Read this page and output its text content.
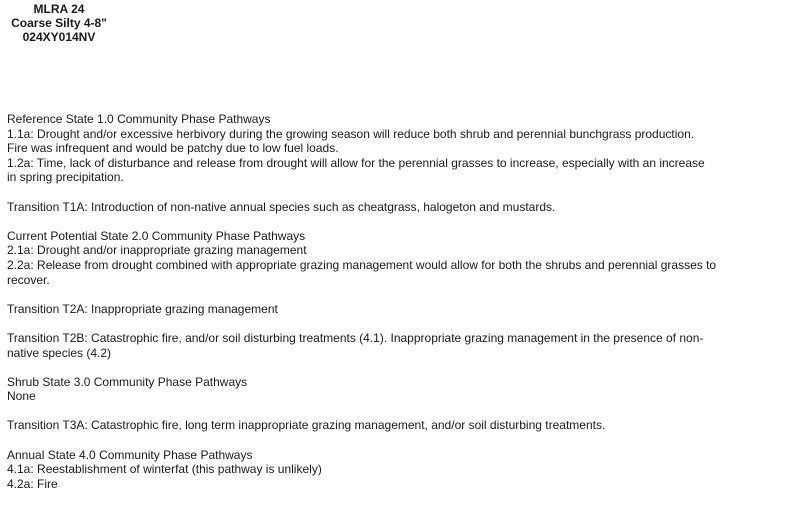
MLRA 24
Coarse Silty 4-8"
024XY014NV
Reference State 1.0 Community Phase Pathways
1.1a: Drought and/or excessive herbivory during the growing season will reduce both shrub and perennial bunchgrass production.
Fire was infrequent and would be patchy due to low fuel loads.
1.2a: Time, lack of disturbance and release from drought will allow for the perennial grasses to increase, especially with an increase
in spring precipitation.
Transition T1A: Introduction of non-native annual species such as cheatgrass, halogeton and mustards.
Current Potential State 2.0 Community Phase Pathways
2.1a: Drought and/or inappropriate grazing management
2.2a: Release from drought combined with appropriate grazing management would allow for both the shrubs and perennial grasses to
recover.
Transition T2A: Inappropriate grazing management
Transition T2B: Catastrophic fire, and/or soil disturbing treatments (4.1). Inappropriate grazing management in the presence of non-
native species (4.2)
Shrub State 3.0 Community Phase Pathways
None
Transition T3A: Catastrophic fire, long term inappropriate grazing management, and/or soil disturbing treatments.
Annual State 4.0 Community Phase Pathways
4.1a: Reestablishment of winterfat (this pathway is unlikely)
4.2a: Fire
